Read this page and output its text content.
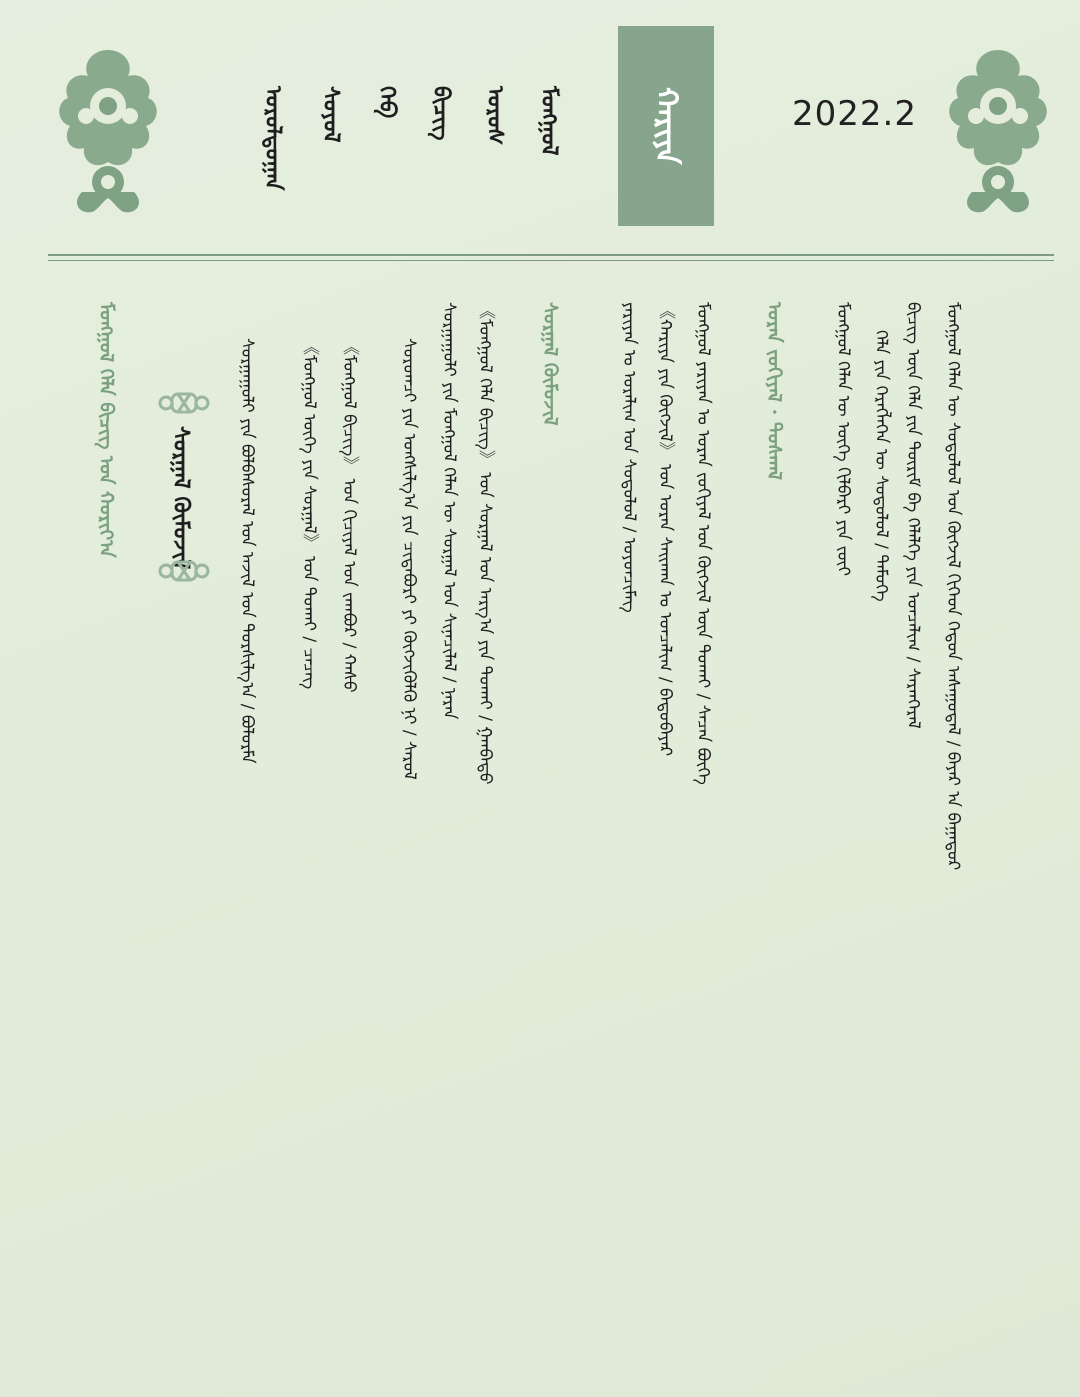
2022.2
ᠬᠠᠷᠢᠶᠠ
ᠮᠣᠩᠭᠣᠯ
ᠣᠷᠣᠰ
ᠪᠢᠴᠢᠭ᠌
ᠬᠡᠪ
ᠰᠣᠶᠣᠯ
ᠤᠷᠤᠯᠳᠤᠭᠠᠨ
ᠮᠣᠩᠭᠣᠯ ᠬᠡᠯᠡᠨ ᠦ ᠰᠤᠳᠤᠯᠤᠯ ᠤᠨ ᠬᠥᠭᠵᠢᠯ ᠬᠢᠭᠡᠳ ᠬᠡᠳᠦᠨ ᠠᠰᠠᠭᠤᠳᠠᠯ / ᠪᠠᠶᠠᠷ ᠠ ᠪᠠᠭᠠᠲᠤᠷ
ᠪᠢᠴᠢᠭ᠌ ᠦᠨ ᠬᠡᠯᠡ ᠶᠢᠨ ᠳᠦᠷᠢᠮ ᠪᠠ ᠬᠡᠯᠡᠯᠭᠡ ᠶᠢᠨ ᠣᠨᠴᠠᠯᠢᠭ / ᠰᠠᠷᠠᠨᠭᠡᠷᠡᠯ
ᠬᠡᠯᠡ ᠶᠢᠨ ᠬᠡᠷᠡᠭᠯᠡᠭᠡᠨ ᠦ ᠰᠤᠳᠤᠯᠤᠯ / ᠲᠡᠮᠦᠭᠡ
ᠮᠣᠩᠭᠣᠯ ᠬᠡᠯᠡᠨ ᠦ ᠦᠭᠡ ᠬᠢᠯᠪᠡᠷᠢ ᠶᠢᠨ ᠵᠦᠢ
ᠤᠷᠠᠨ ᠵᠣᠬᠢᠶᠠᠯ · ᠲᠣᠰᠬᠠᠯ
ᠮᠣᠩᠭᠣᠯ ᠶᠠᠷᠢᠶᠠᠨ ᠤ ᠤᠷᠠᠨ ᠵᠣᠬᠢᠶᠠᠯ ᠤᠨ ᠬᠥᠭᠵᠢᠯ ᠦᠨ ᠲᠤᠬᠠᠢ / ᠰᠡᠴᠡᠨ ᠪᠦᠬᠡ
《ᠬᠠᠷᠢᠶᠠ ᠶᠢᠨ ᠬᠥᠭᠵᠢᠯ》 ᠤᠨ ᠤᠷᠠᠨ ᠰᠠᠢᠬᠠᠨ ᠤ ᠣᠨᠴᠠᠯᠢᠭ / ᠪᠠᠲᠤᠪᠠᠶᠠᠷ
ᠶᠠᠷᠢᠶᠠᠨ ᠤ ᠤᠷᠠᠯᠢᠭ ᠤᠨ ᠰᠤᠳᠤᠯᠤᠯ / ᠣᠶᠤᠨᠴᠢᠮᠡᠭ
ᠰᠤᠷᠭᠠᠯ ᠬᠦᠮᠦᠵᠢᠯ
《ᠮᠣᠩᠭᠣᠯ ᠬᠡᠯᠡ ᠪᠢᠴᠢᠭ᠌》 ᠤᠨ ᠰᠤᠷᠭᠠᠯ ᠤᠨ ᠠᠷᠭ᠎ᠠ ᠶᠢᠨ ᠲᠤᠬᠠᠢ / ᠭᠠᠨᠪᠠᠲᠤ
ᠰᠤᠷᠭᠠᠭᠤᠯᠢ ᠶᠢᠨ ᠮᠣᠩᠭᠣᠯ ᠬᠡᠯᠡᠨ ᠦ ᠰᠤᠷᠭᠠᠯ ᠤᠨ ᠰᠢᠨᠡᠴᠢᠯᠡᠯ / ᠨᠠᠷᠠᠨ
ᠰᠤᠷᠤᠭᠴᠢ ᠶᠢᠨ ᠤᠩᠰᠢᠯᠭ᠎ᠠ ᠶᠢᠨ ᠴᠢᠳᠠᠪᠤᠷᠢ ᠶᠢ ᠬᠥᠭᠵᠢᠭᠦᠯᠬᠦ ᠨᠢ / ᠰᠠᠷᠤᠯ
《ᠮᠣᠩᠭᠣᠯ ᠪᠢᠴᠢᠭ᠌》 ᠤᠨ ᠬᠢᠴᠢᠶᠡᠯ ᠤᠨ ᠵᠠᠭᠪᠤᠷ / ᠬᠠᠰᠤ
《ᠮᠣᠩᠭᠣᠯ ᠦᠭᠡ ᠶᠢᠨ ᠰᠤᠷᠭᠠᠯ》 ᠤᠨ ᠲᠤᠬᠠᠢ / ᠴᠡᠴᠡᠭ
ᠰᠤᠷᠭᠠᠭᠤᠯᠢ ᠶᠢᠨ ᠪᠣᠯᠪᠠᠰᠤᠷᠠᠯ ᠤᠨ ᠠᠵᠢᠯ ᠤᠨ ᠲᠤᠷᠰᠢᠯᠭ᠎ᠠ / ᠪᠣᠯᠣᠷᠮᠠ
ᠰᠤᠷᠭᠠᠯ ᠬᠦᠮᠦᠵᠢᠯ
ᠮᠣᠩᠭᠣᠯ ᠬᠡᠯᠡ ᠪᠢᠴᠢᠭ᠌ ᠤᠨ ᠬᠣᠷᠢᠶ᠎ᠠ
